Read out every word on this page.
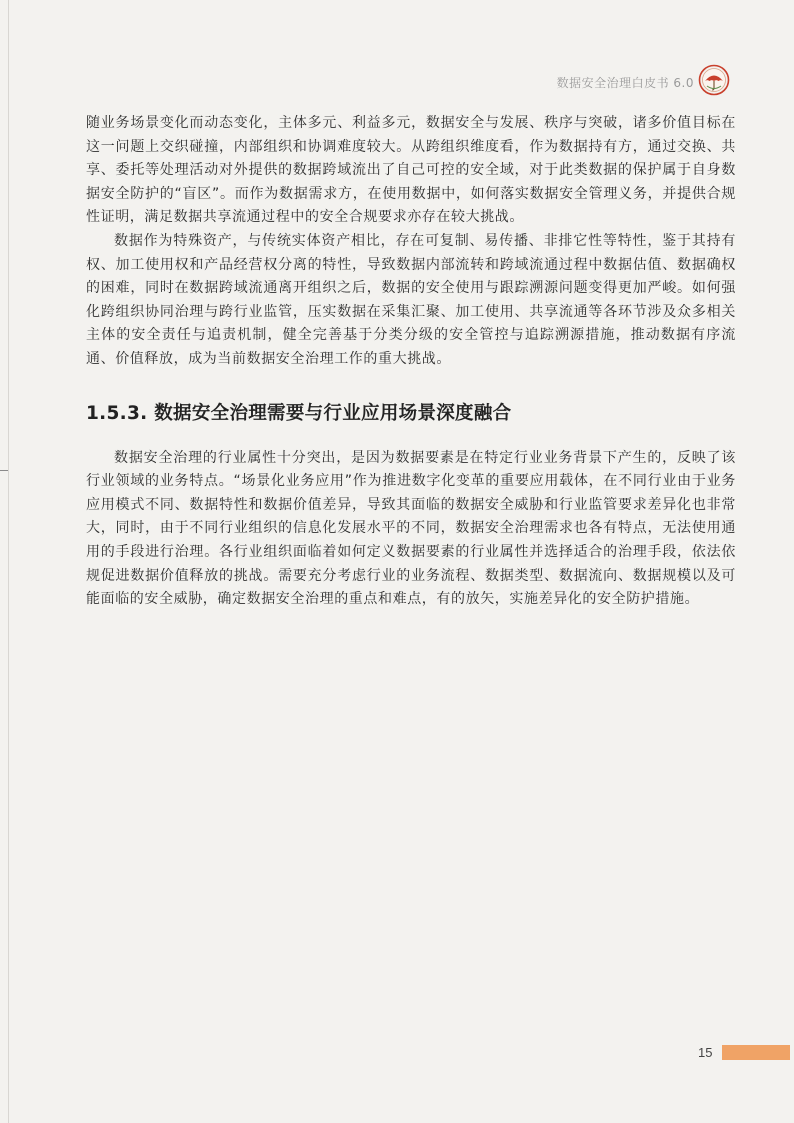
数据安全治理白皮书 6.0

随业务场景变化而动态变化，主体多元、利益多元，数据安全与发展、秩序与突破，诸多价值目标在这一问题上交织碰撞，内部组织和协调难度较大。从跨组织维度看，作为数据持有方，通过交换、共享、委托等处理活动对外提供的数据跨域流出了自己可控的安全域，对于此类数据的保护属于自身数据安全防护的“盲区”。而作为数据需求方，在使用数据中，如何落实数据安全管理义务，并提供合规性证明，满足数据共享流通过程中的安全合规要求亦存在较大挑战。

数据作为特殊资产，与传统实体资产相比，存在可复制、易传播、非排它性等特性，鉴于其持有权、加工使用权和产品经营权分离的特性，导致数据内部流转和跨域流通过程中数据估值、数据确权的困难，同时在数据跨域流通离开组织之后，数据的安全使用与跟踪溯源问题变得更加严峻。如何强化跨组织协同治理与跨行业监管，压实数据在采集汇聚、加工使用、共享流通等各环节涉及众多相关主体的安全责任与追责机制，健全完善基于分类分级的安全管控与追踪溯源措施，推动数据有序流通、价值释放，成为当前数据安全治理工作的重大挑战。

1.5.3. 数据安全治理需要与行业应用场景深度融合

数据安全治理的行业属性十分突出，是因为数据要素是在特定行业业务背景下产生的，反映了该行业领域的业务特点。“场景化业务应用”作为推进数字化变革的重要应用载体，在不同行业由于业务应用模式不同、数据特性和数据价值差异，导致其面临的数据安全威胁和行业监管要求差异化也非常大，同时，由于不同行业组织的信息化发展水平的不同，数据安全治理需求也各有特点，无法使用通用的手段进行治理。各行业组织面临着如何定义数据要素的行业属性并选择适合的治理手段，依法依规促进数据价值释放的挑战。需要充分考虑行业的业务流程、数据类型、数据流向、数据规模以及可能面临的安全威胁，确定数据安全治理的重点和难点，有的放矢，实施差异化的安全防护措施。

15
